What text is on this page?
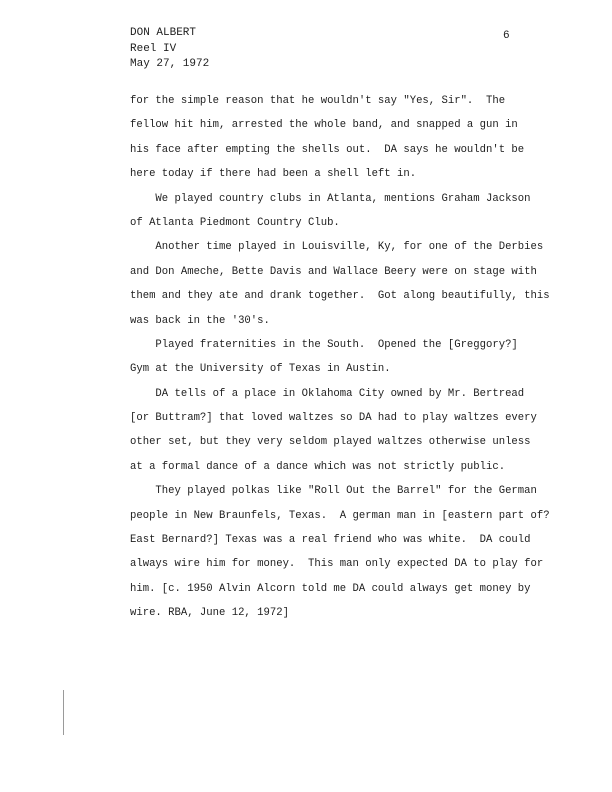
DON ALBERT
Reel IV
May 27, 1972
6
for the simple reason that he wouldn't say "Yes, Sir".  The
fellow hit him, arrested the whole band, and snapped a gun in
his face after empting the shells out.  DA says he wouldn't be
here today if there had been a shell left in.
We played country clubs in Atlanta, mentions Graham Jackson
of Atlanta Piedmont Country Club.
Another time played in Louisville, Ky, for one of the Derbies
and Don Ameche, Bette Davis and Wallace Beery were on stage with
them and they ate and drank together.  Got along beautifully, this
was back in the '30's.
Played fraternities in the South.  Opened the [Greggory?]
Gym at the University of Texas in Austin.
DA tells of a place in Oklahoma City owned by Mr. Bertread
[or Buttram?] that loved waltzes so DA had to play waltzes every
other set, but they very seldom played waltzes otherwise unless
at a formal dance of a dance which was not strictly public.
They played polkas like "Roll Out the Barrel" for the German
people in New Braunfels, Texas.  A german man in [eastern part of?
East Bernard?] Texas was a real friend who was white.  DA could
always wire him for money.  This man only expected DA to play for
him. [c. 1950 Alvin Alcorn told me DA could always get money by
wire. RBA, June 12, 1972]
